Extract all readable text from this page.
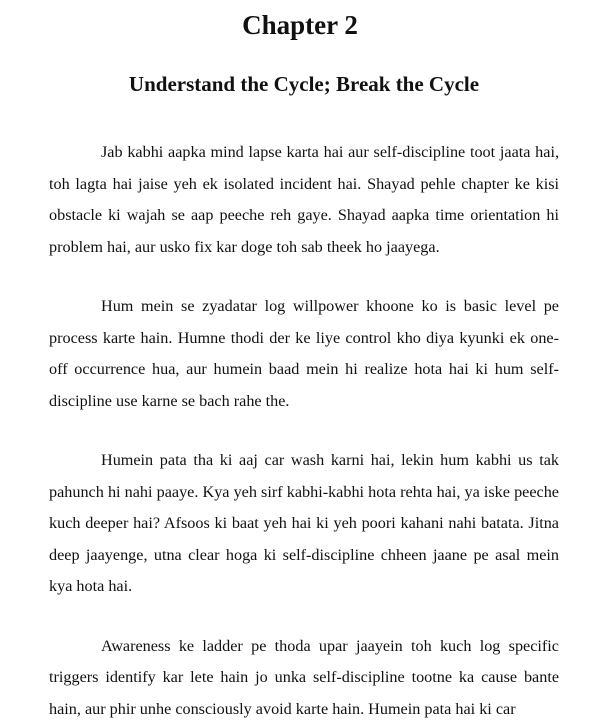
Chapter 2
Understand the Cycle; Break the Cycle

Jab kabhi aapka mind lapse karta hai aur self-discipline toot jaata hai, toh lagta hai jaise yeh ek isolated incident hai. Shayad pehle chapter ke kisi obstacle ki wajah se aap peeche reh gaye. Shayad aapka time orientation hi problem hai, aur usko fix kar doge toh sab theek ho jaayega.

Hum mein se zyadatar log willpower khoone ko is basic level pe process karte hain. Humne thodi der ke liye control kho diya kyunki ek one-off occurrence hua, aur humein baad mein hi realize hota hai ki hum self-discipline use karne se bach rahe the.

Humein pata tha ki aaj car wash karni hai, lekin hum kabhi us tak pahunch hi nahi paaye. Kya yeh sirf kabhi-kabhi hota rehta hai, ya iske peeche kuch deeper hai? Afsoos ki baat yeh hai ki yeh poori kahani nahi batata. Jitna deep jaayenge, utna clear hoga ki self-discipline chheen jaane pe asal mein kya hota hai.

Awareness ke ladder pe thoda upar jaayein toh kuch log specific triggers identify kar lete hain jo unka self-discipline tootne ka cause bante hain, aur phir unhe consciously avoid karte hain. Humein pata hai ki car
